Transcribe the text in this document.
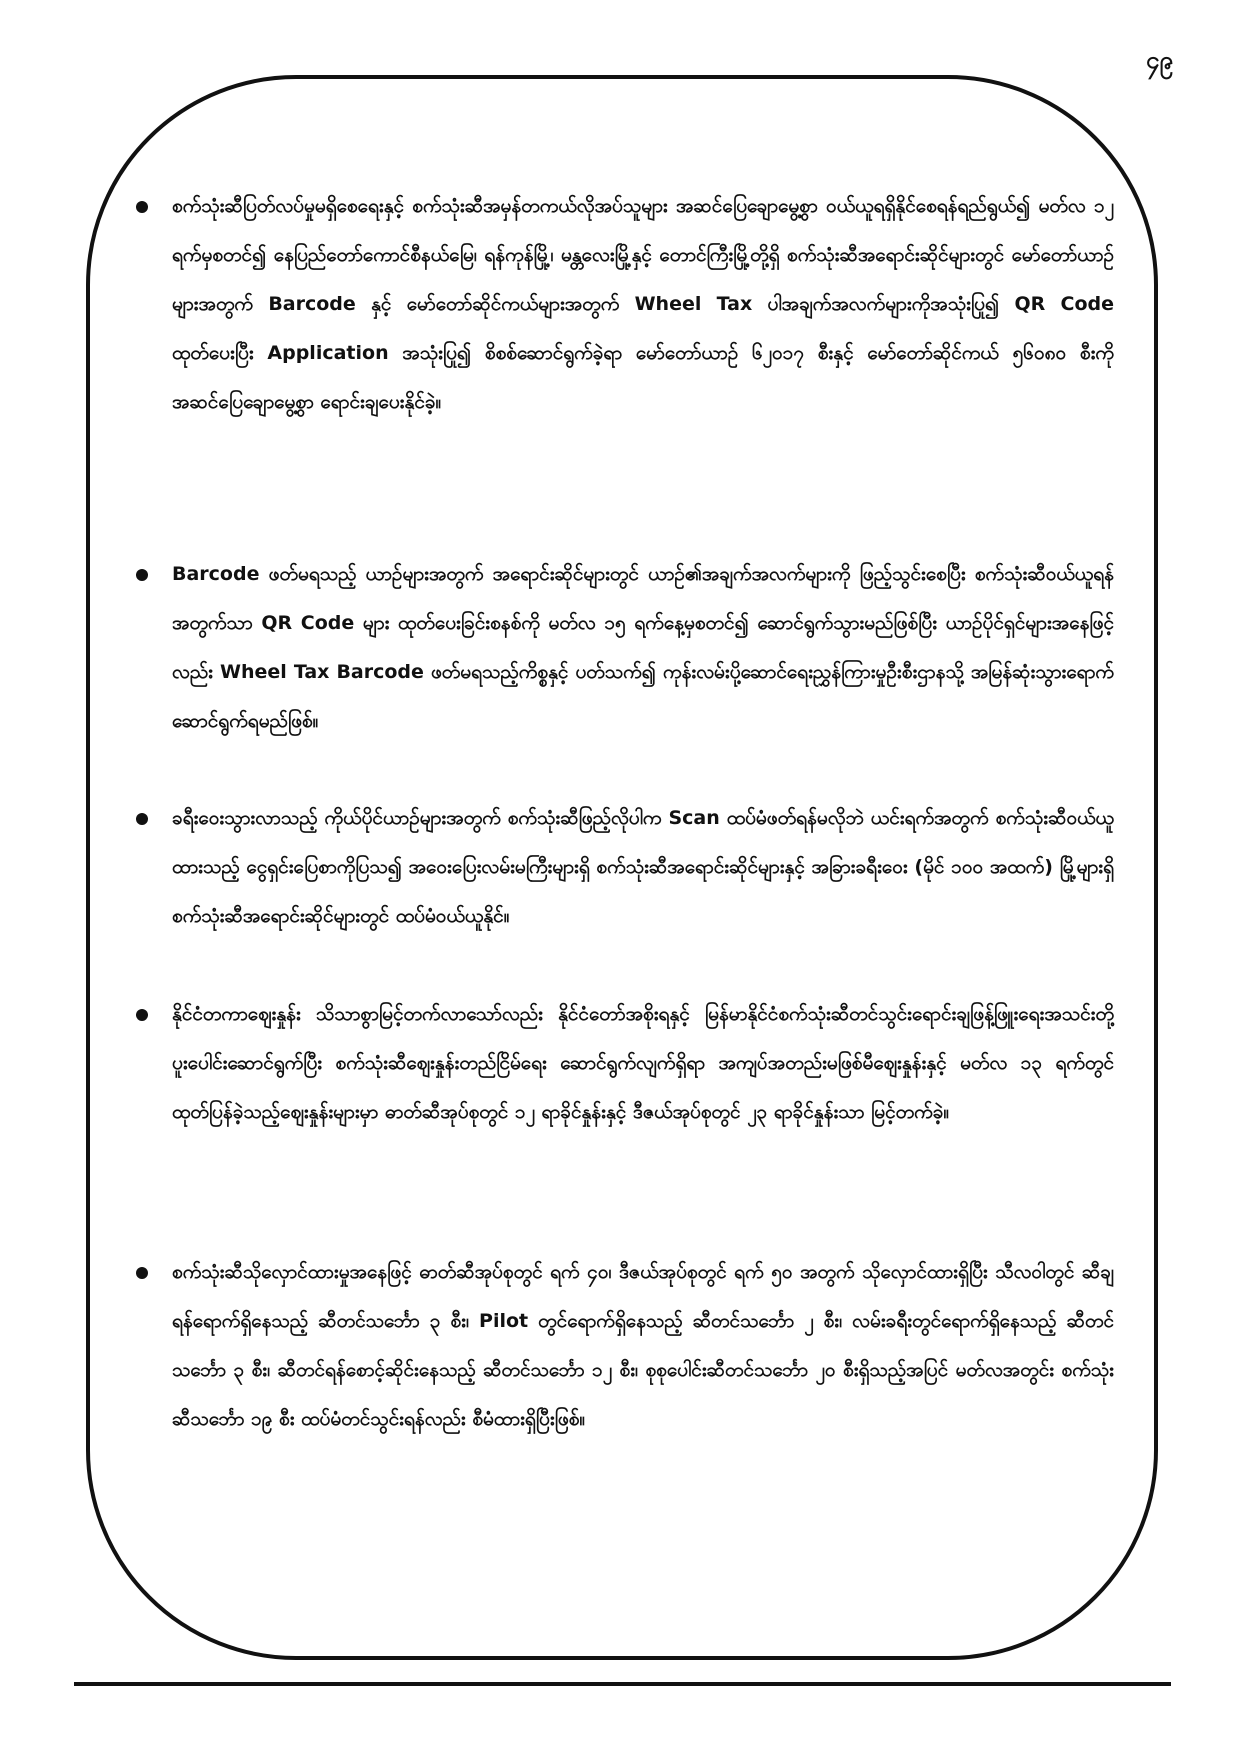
၄၉
စက်သုံးဆီပြတ်လပ်မှုမရှိစေရေးနှင့် စက်သုံးဆီအမှန်တကယ်လိုအပ်သူများ အဆင်ပြေချောမွေ့စွာ ဝယ်ယူရရှိနိုင်စေရန်ရည်ရွယ်၍ မတ်လ ၁၂ ရက်မှစတင်၍ နေပြည်တော်ကောင်စီနယ်မြေ၊ ရန်ကုန်မြို့၊ မန္တလေးမြို့နှင့် တောင်ကြီးမြို့တို့ရှိ စက်သုံးဆီအရောင်းဆိုင်များတွင် မော်တော်ယာဉ်များအတွက် Barcode နှင့် မော်တော်ဆိုင်ကယ်များအတွက် Wheel Tax ပါအချက်အလက်များကိုအသုံးပြု၍ QR Code ထုတ်ပေးပြီး Application အသုံးပြု၍ စိစစ်ဆောင်ရွက်ခဲ့ရာ မော်တော်ယာဉ် ၆၂၀၁၇ စီးနှင့် မော်တော်ဆိုင်ကယ် ၅၆၀၈၀ စီးကို အဆင်ပြေချောမွေ့စွာ ရောင်းချပေးနိုင်ခဲ့။
Barcode ဖတ်မရသည့် ယာဉ်များအတွက် အရောင်းဆိုင်များတွင် ယာဉ်၏အချက်အလက်များကို ဖြည့်သွင်းစေပြီး စက်သုံးဆီဝယ်ယူရန်အတွက်သာ QR Code များ ထုတ်ပေးခြင်းစနစ်ကို မတ်လ ၁၅ ရက်နေ့မှစတင်၍ ဆောင်ရွက်သွားမည်ဖြစ်ပြီး ယာဉ်ပိုင်ရှင်များအနေဖြင့်လည်း Wheel Tax Barcode ဖတ်မရသည့်ကိစ္စနှင့် ပတ်သက်၍ ကုန်းလမ်းပို့ဆောင်ရေးညွှန်ကြားမှုဦးစီးဌာနသို့ အမြန်ဆုံးသွားရောက်ဆောင်ရွက်ရမည်ဖြစ်။
ခရီးဝေးသွားလာသည့် ကိုယ်ပိုင်ယာဉ်များအတွက် စက်သုံးဆီဖြည့်လိုပါက Scan ထပ်မံဖတ်ရန်မလိုဘဲ ယင်းရက်အတွက် စက်သုံးဆီဝယ်ယူထားသည့် ငွေရှင်းပြေစာကိုပြသ၍ အဝေးပြေးလမ်းမကြီးများရှိ စက်သုံးဆီအရောင်းဆိုင်များနှင့် အခြားခရီးဝေး (မိုင် ၁၀၀ အထက်) မြို့များရှိ စက်သုံးဆီအရောင်းဆိုင်များတွင် ထပ်မံဝယ်ယူနိုင်။
နိုင်ငံတကာဈေးနှုန်း သိသာစွာမြင့်တက်လာသော်လည်း နိုင်ငံတော်အစိုးရနှင့် မြန်မာနိုင်ငံစက်သုံးဆီတင်သွင်းရောင်းချဖြန့်ဖြူးရေးအသင်းတို့ ပူးပေါင်းဆောင်ရွက်ပြီး စက်သုံးဆီဈေးနှုန်းတည်ငြိမ်ရေး ဆောင်ရွက်လျက်ရှိရာ အကျပ်အတည်းမဖြစ်မီဈေးနှုန်းနှင့် မတ်လ ၁၃ ရက်တွင် ထုတ်ပြန်ခဲ့သည့်ဈေးနှုန်းများမှာ ဓာတ်ဆီအုပ်စုတွင် ၁၂ ရာခိုင်နှုန်းနှင့် ဒီဇယ်အုပ်စုတွင် ၂၃ ရာခိုင်နှုန်းသာ မြင့်တက်ခဲ့။
စက်သုံးဆီသိုလှောင်ထားမှုအနေဖြင့် ဓာတ်ဆီအုပ်စုတွင် ရက် ၄၀၊ ဒီဇယ်အုပ်စုတွင် ရက် ၅၀ အတွက် သိုလှောင်ထားရှိပြီး သီလဝါတွင် ဆီချရန်ရောက်ရှိနေသည့် ဆီတင်သင်္ဘော ၃ စီး၊ Pilot တွင်ရောက်ရှိနေသည့် ဆီတင်သင်္ဘော ၂ စီး၊ လမ်းခရီးတွင်ရောက်ရှိနေသည့် ဆီတင်သင်္ဘော ၃ စီး၊ ဆီတင်ရန်စောင့်ဆိုင်းနေသည့် ဆီတင်သင်္ဘော ၁၂ စီး၊ စုစုပေါင်းဆီတင်သင်္ဘော ၂၀ စီးရှိသည့်အပြင် မတ်လအတွင်း စက်သုံးဆီသင်္ဘော ၁၉ စီး ထပ်မံတင်သွင်းရန်လည်း စီမံထားရှိပြီးဖြစ်။
